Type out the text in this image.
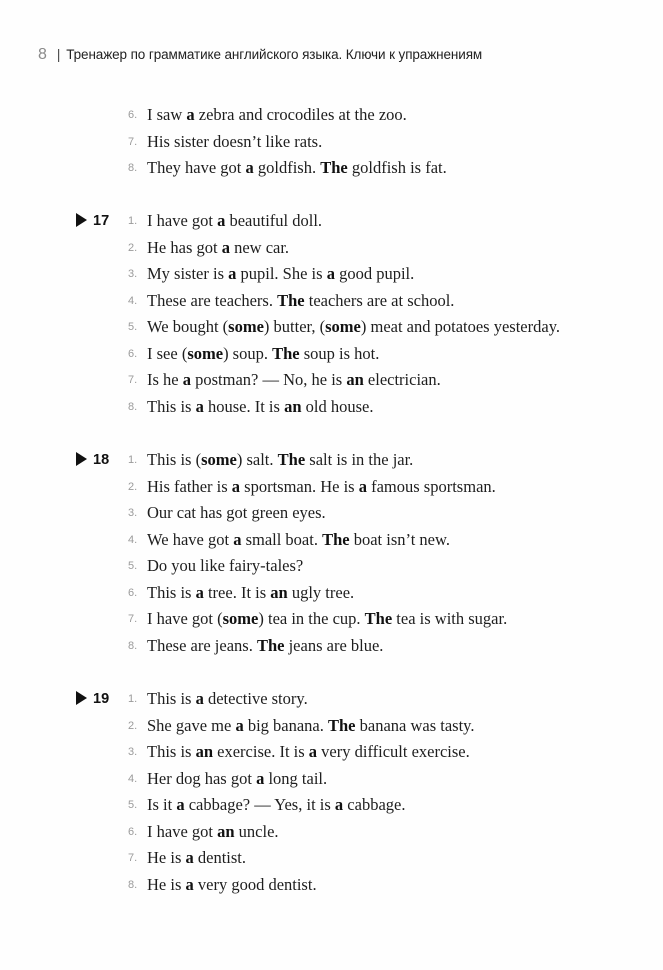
8 | Тренажер по грамматике английского языка. Ключи к упражнениям
6. I saw a zebra and crocodiles at the zoo.
7. His sister doesn’t like rats.
8. They have got a goldfish. The goldfish is fat.
17 1. I have got a beautiful doll.
2. He has got a new car.
3. My sister is a pupil. She is a good pupil.
4. These are teachers. The teachers are at school.
5. We bought (some) butter, (some) meat and potatoes yesterday.
6. I see (some) soup. The soup is hot.
7. Is he a postman? — No, he is an electrician.
8. This is a house. It is an old house.
18 1. This is (some) salt. The salt is in the jar.
2. His father is a sportsman. He is a famous sportsman.
3. Our cat has got green eyes.
4. We have got a small boat. The boat isn’t new.
5. Do you like fairy-tales?
6. This is a tree. It is an ugly tree.
7. I have got (some) tea in the cup. The tea is with sugar.
8. These are jeans. The jeans are blue.
19 1. This is a detective story.
2. She gave me a big banana. The banana was tasty.
3. This is an exercise. It is a very difficult exercise.
4. Her dog has got a long tail.
5. Is it a cabbage? — Yes, it is a cabbage.
6. I have got an uncle.
7. He is a dentist.
8. He is a very good dentist.
